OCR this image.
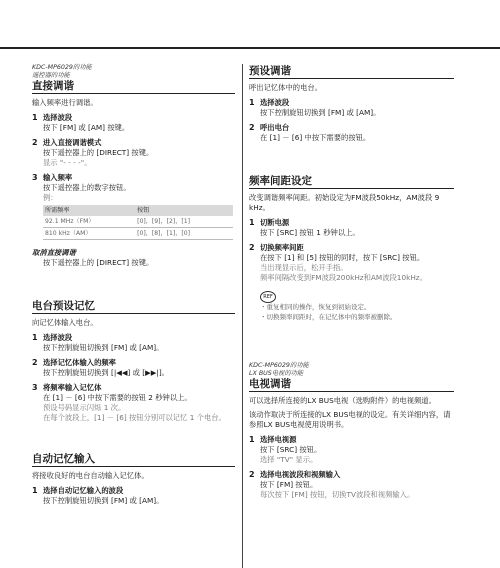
KDC-MP6029的功能
遥控器的功能
直接调谐
输入频率进行调谐。
1 选择波段
按下 [FM] 或 [AM] 按键。
2 进入直接调谐模式
按下遥控器上的 [DIRECT] 按键。
显示 "- - - -"。
3 输入频率
按下遥控器上的数字按钮。
例：
所需频率	按钮
92.1 MHz（FM）	[0]，[9]，[2]，[1]
810 kHz（AM）	[0]，[8]，[1]，[0]
取消直接调谐
按下遥控器上的 [DIRECT] 按键。
电台预设记忆
向记忆体输入电台。
1 选择波段
按下控制旋钮切换到 [FM] 或 [AM]。
2 选择记忆体输入的频率
按下控制旋钮切换到 [|◀◀] 或 [▶▶|]。
3 将频率输入记忆体
在 [1] － [6] 中按下需要的按钮 2 秒钟以上。
预设号码显示闪烁 1 次。
在每个波段上，[1] － [6] 按钮分别可以记忆 1 个电台。
自动记忆输入
将接收良好的电台自动输入记忆体。
1 选择自动记忆输入的波段
按下控制旋钮切换到 [FM] 或 [AM]。
预设调谐
呼出记忆体中的电台。
1 选择波段
按下控制旋钮切换到 [FM] 或 [AM]。
2 呼出电台
在 [1] － [6] 中按下需要的按钮。
频率间距设定
改变调谐频率间距。初始设定为FM波段50kHz，AM波段 9 kHz。
1 切断电源
按下 [SRC] 按钮 1 秒钟以上。
2 切换频率间距
在按下 [1] 和 [5] 按钮的同时，按下 [SRC] 按钮。
当出现显示后，松开手指。
频率间隔改变到FM波段200kHz和AM波段10kHz。
REF
・重复相同的操作，恢复到初始设定。
・切换频率间距时，在记忆体中的频率被删除。
KDC-MP6029的功能
LX BUS电视的功能
电视调谐
可以选择所连接的LX BUS电视（选购附件）的电视频道。
该动作取决于所连接的LX BUS电视的设定。有关详细内容，请参照LX BUS电视使用说明书。
1 选择电视源
按下 [SRC] 按钮。
选择 "TV" 显示。
2 选择电视波段和视频输入
按下 [FM] 按钮。
每次按下 [FM] 按钮，切换TV波段和视频输入。
